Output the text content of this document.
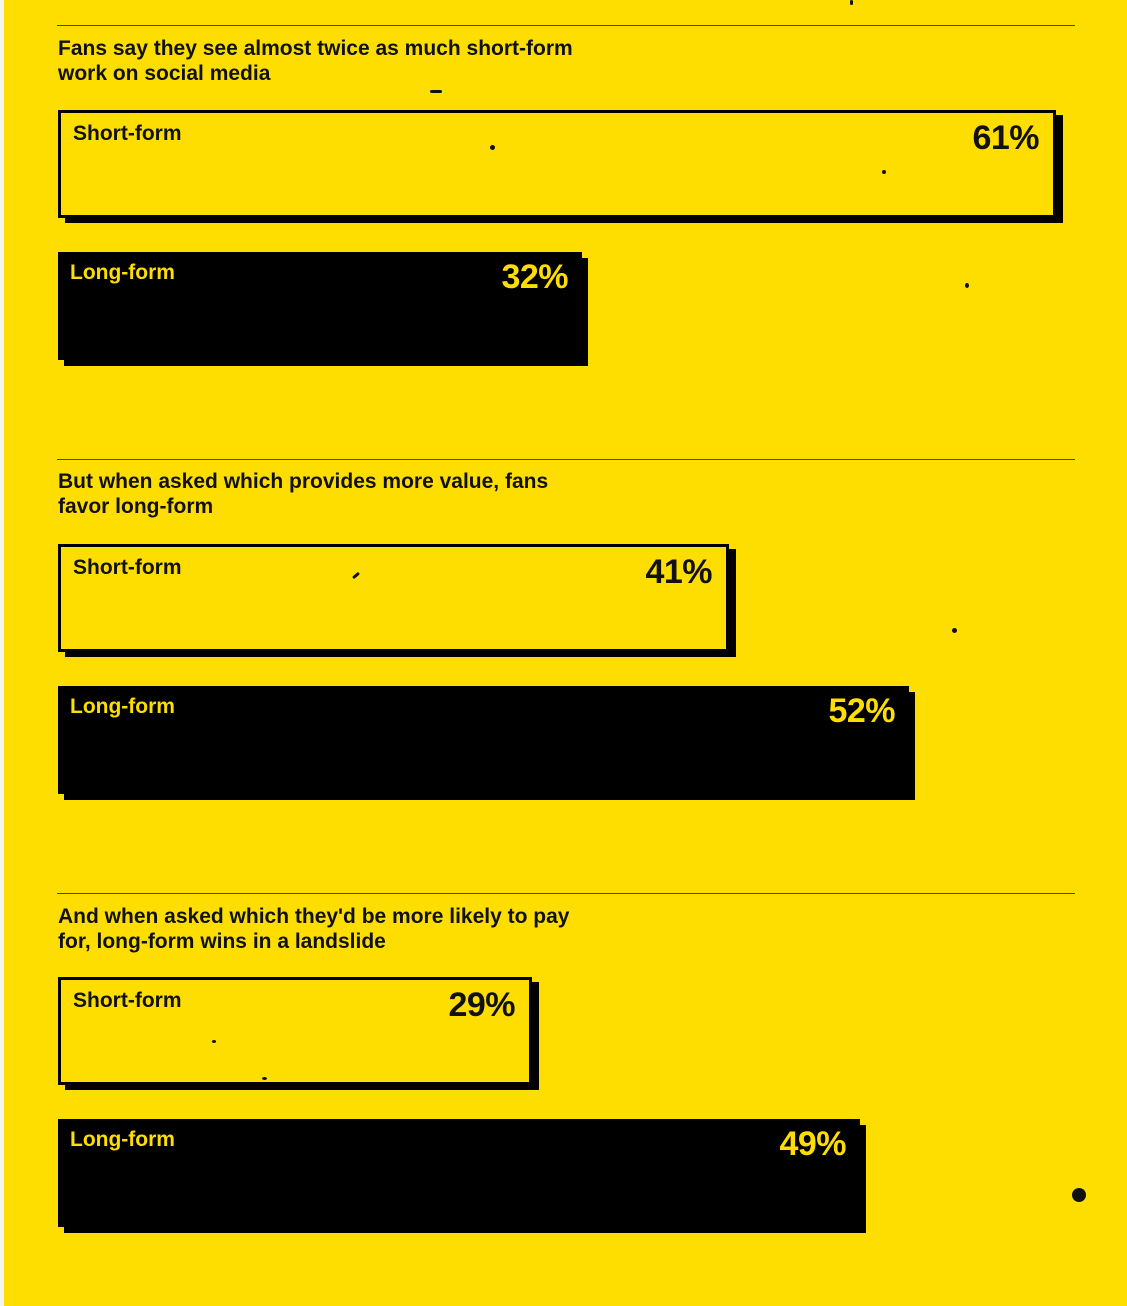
Fans say they see almost twice as much short-form work on social media
Short-form	61%
Long-form	32%
But when asked which provides more value, fans favor long-form
Short-form	41%
Long-form	52%
And when asked which they'd be more likely to pay for, long-form wins in a landslide
Short-form	29%
Long-form	49%
